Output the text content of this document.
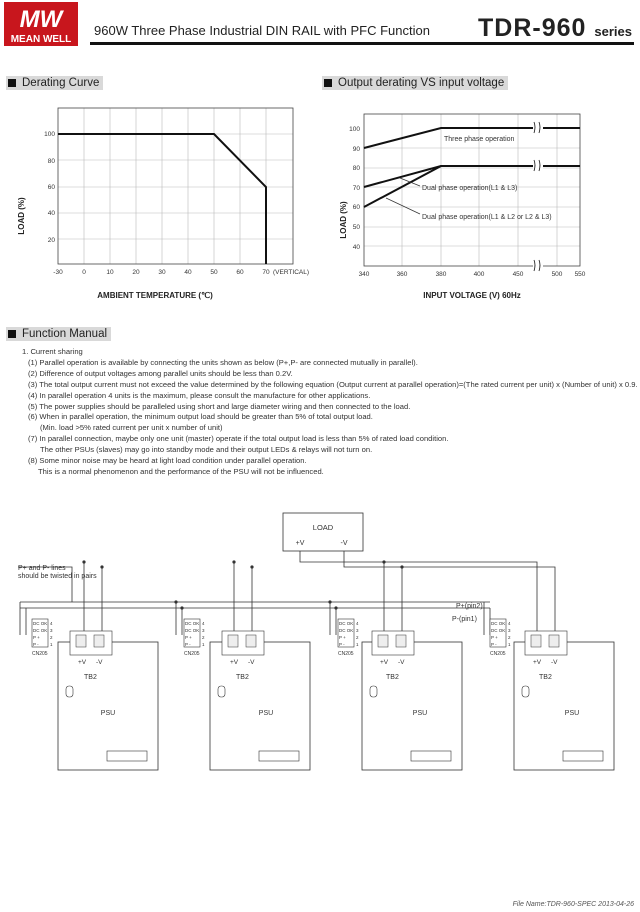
MW
MEAN WELL
960W Three Phase Industrial DIN RAIL with PFC Function TDR-960 series
Derating Curve	Output derating VS input voltage
Function Manual
100
80
60
40
20
-30	0	10	20	30	40	50	60	70 (VERTICAL)
LOAD (%)
AMBIENT TEMPERATURE (℃)
Three phase operation
Dual phase operation(L1 & L3)
Dual phase operation(L1 & L2 or L2 & L3)
100
90
80
70
60
50
40
340	360	380	400	450	500 550
LOAD (%)
INPUT VOLTAGE (V) 60Hz
1. Current sharing
(1) Parallel operation is available by connecting the units shown as below (P+,P- are connected mutually in parallel).
(2) Difference of output voltages among parallel units should be less than 0.2V.
(3) The total output current must not exceed the value determined by the following equation (Output current at parallel operation)=(The rated current per unit) x (Number of unit) x 0.9.
(4) In parallel operation 4 units is the maximum, please consult the manufacture for other applications.
(5) The power supplies should be paralleled using short and large diameter wiring and then connected to the load.
(6) When in parallel operation, the minimum output load should be greater than 5% of total output load.
(Min. load >5% rated current per unit x number of unit)
(7) In parallel connection, maybe only one unit (master) operate if the total output load is less than 5% of rated load condition.
The other PSUs (slaves) may go into standby mode and their output LEDs & relays will not turn on.
(8) Some minor noise may be heard at light load condition under parallel operation.
This is a normal phenomenon and the performance of the PSU will not be influenced.
LOAD
+V	-V
P+ and P- lines
should be twisted in pairs
P+(pin2)
P-(pin1)
DC OK
DC OK
P +
P -
4
3
2
1
CN205
+V -V
TB2
PSU
DC OK
DC OK
P +
P -
4
3
2
1
CN205
+V -V
TB2
PSU
DC OK
DC OK
P +
P -
4
3
2
1
CN205
+V -V
TB2
PSU
DC OK
DC OK
P +
P -
4
3
2
1
CN205
+V -V
TB2
PSU
File Name:TDR-960-SPEC 2013-04-26
